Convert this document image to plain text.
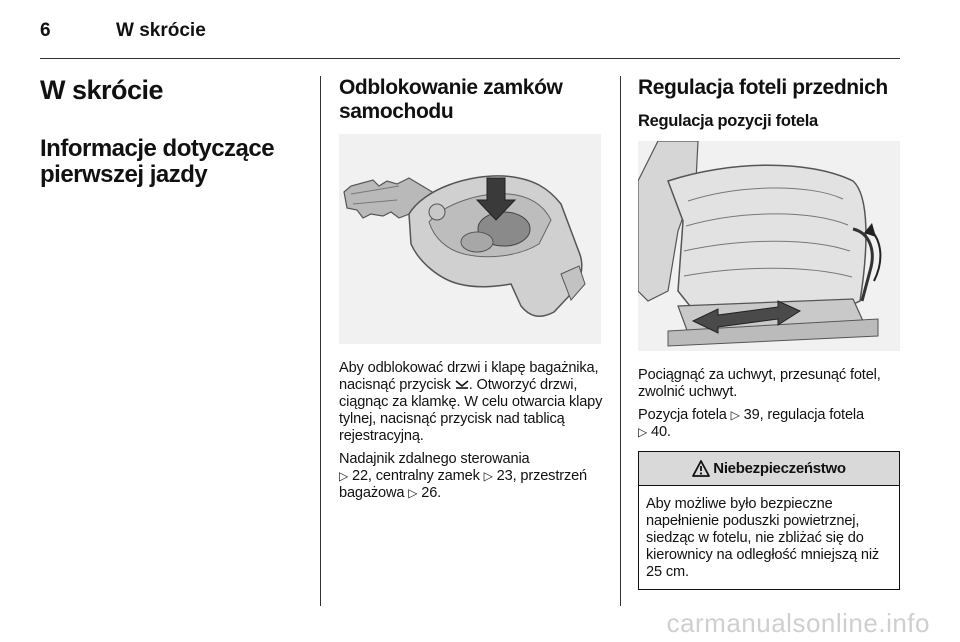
6	W skrócie
W skrócie
Informacje dotyczące pierwszej jazdy
Odblokowanie zamków samochodu

Aby odblokować drzwi i klapę bagażnika, nacisnąć przycisk . Otworzyć drzwi, ciągnąc za klamkę. W celu otwarcia klapy tylnej, nacisnąć przycisk nad tablicą rejestracyjną.

Nadajnik zdalnego sterowania
▷ 22, centralny zamek ▷ 23, przestrzeń bagażowa ▷ 26.

Regulacja foteli przednich
Regulacja pozycji fotela

Pociągnąć za uchwyt, przesunąć fotel, zwolnić uchwyt.

Pozycja fotela ▷ 39, regulacja fotela
▷ 40.

Niebezpieczeństwo

Aby możliwe było bezpieczne napełnienie poduszki powietrznej, siedząc w fotelu, nie zbliżać się do kierownicy na odległość mniejszą niż 25 cm.

carmanualsonline.info
